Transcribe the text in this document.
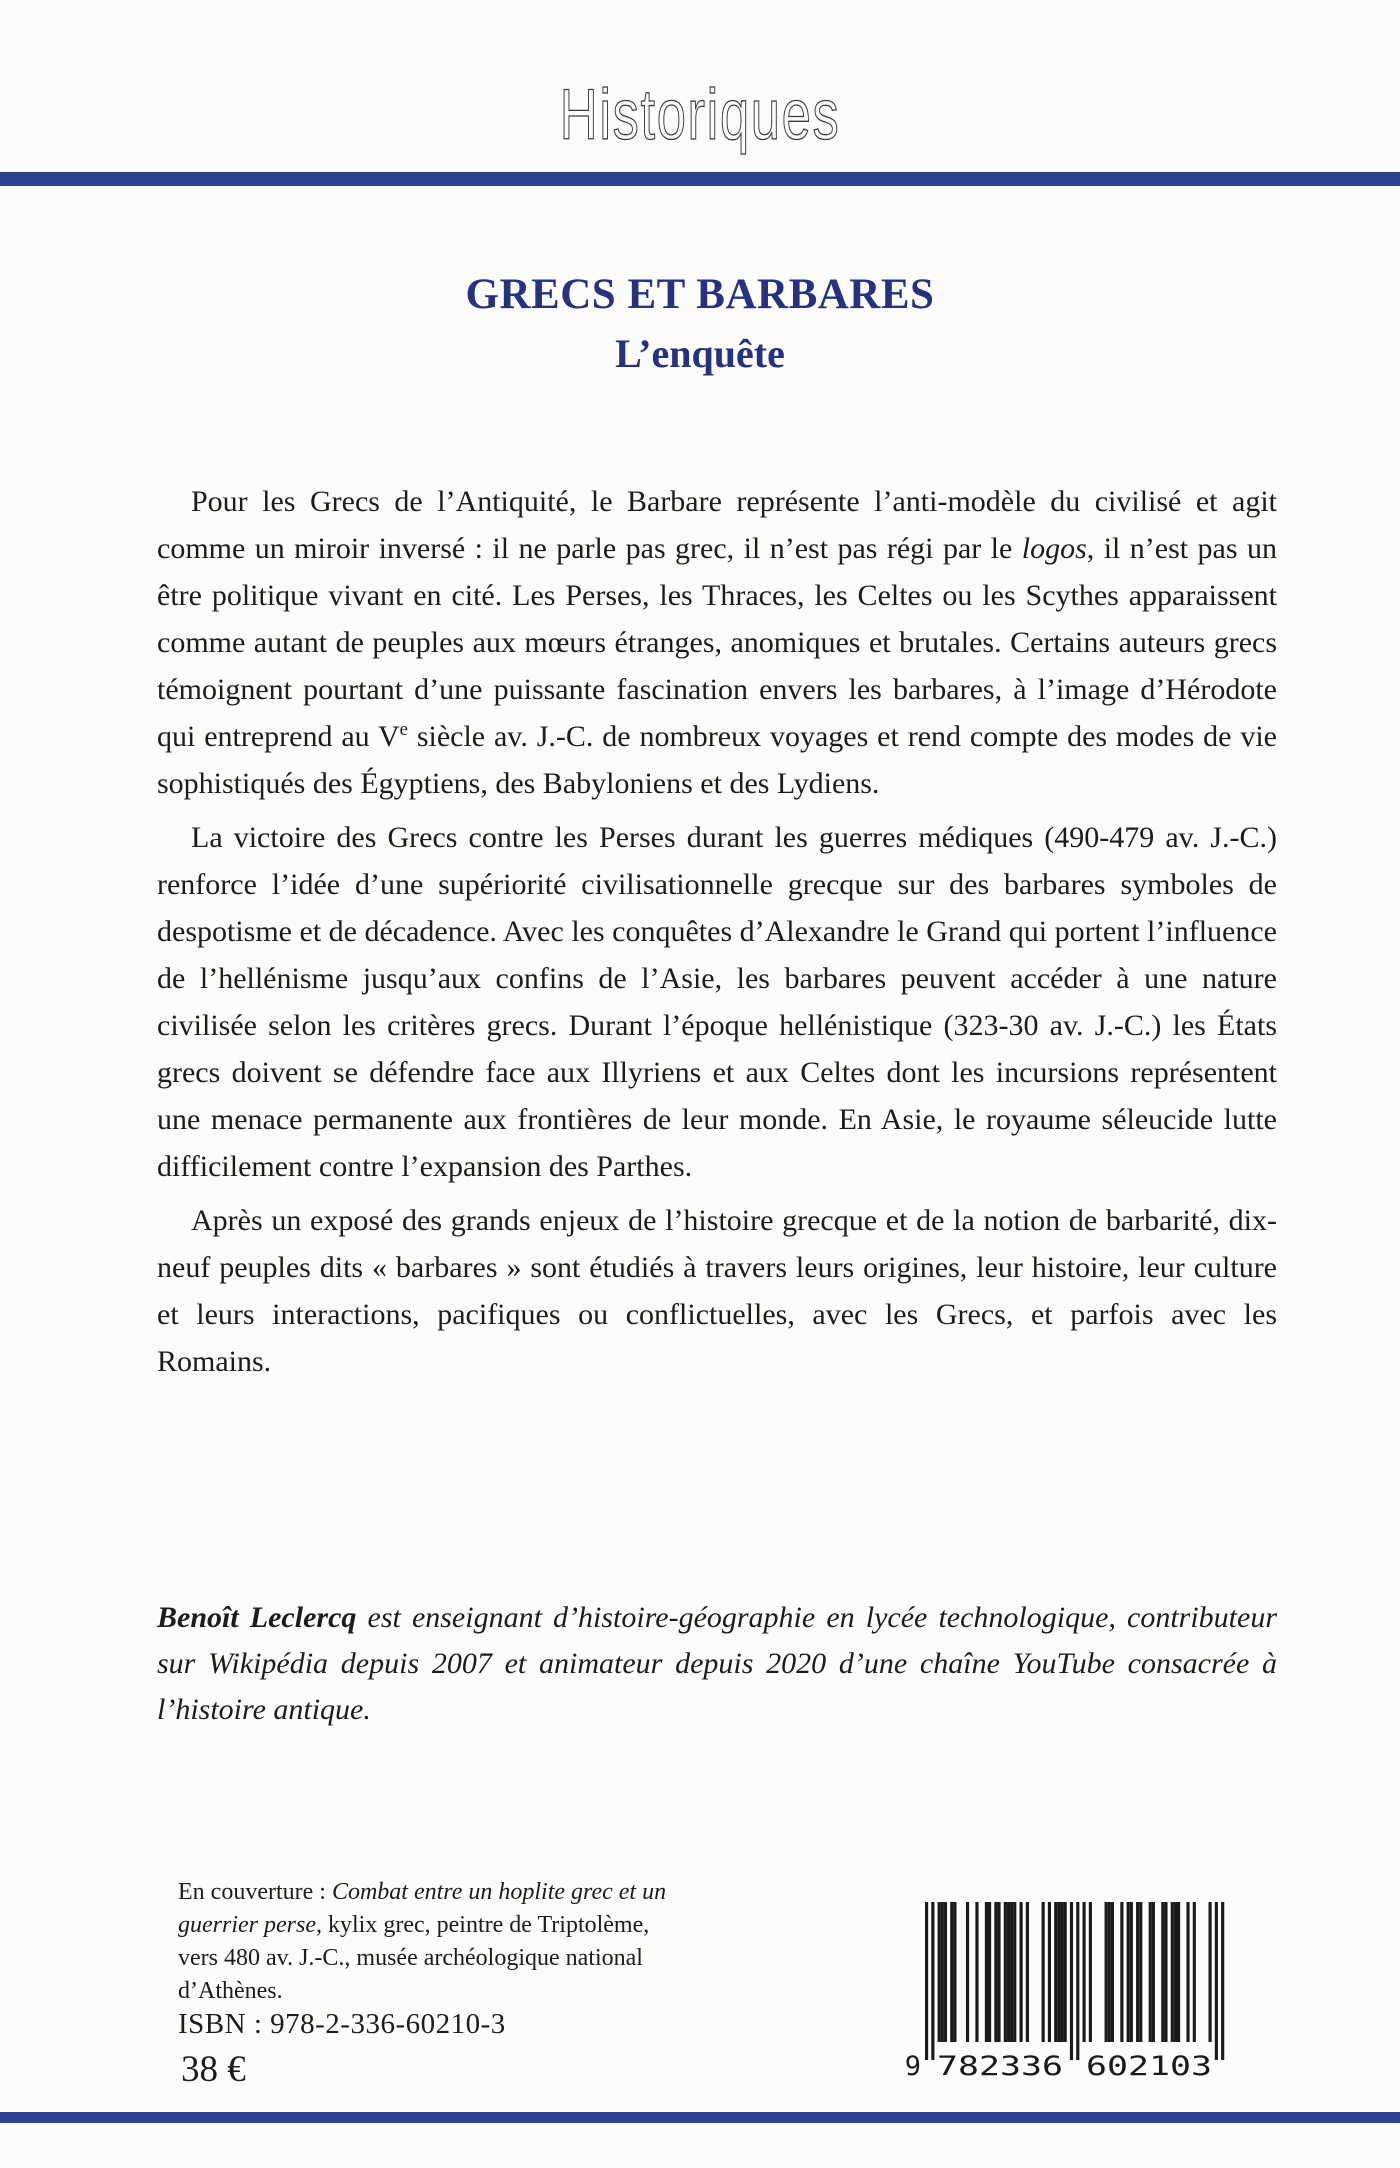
Historiques
GRECS ET BARBARES
L’enquête

Pour les Grecs de l’Antiquité, le Barbare représente l’anti-modèle du civilisé et agit comme un miroir inversé : il ne parle pas grec, il n’est pas régi par le logos, il n’est pas un être politique vivant en cité. Les Perses, les Thraces, les Celtes ou les Scythes apparaissent comme autant de peuples aux mœurs étranges, anomiques et brutales. Certains auteurs grecs témoignent pourtant d’une puissante fascination envers les barbares, à l’image d’Hérodote qui entreprend au Ve siècle av. J.-C. de nombreux voyages et rend compte des modes de vie sophistiqués des Égyptiens, des Babyloniens et des Lydiens.

La victoire des Grecs contre les Perses durant les guerres médiques (490-479 av. J.-C.) renforce l’idée d’une supériorité civilisationnelle grecque sur des barbares symboles de despotisme et de décadence. Avec les conquêtes d’Alexandre le Grand qui portent l’influence de l’hellénisme jusqu’aux confins de l’Asie, les barbares peuvent accéder à une nature civilisée selon les critères grecs. Durant l’époque hellénistique (323-30 av. J.-C.) les États grecs doivent se défendre face aux Illyriens et aux Celtes dont les incursions représentent une menace permanente aux frontières de leur monde. En Asie, le royaume séleucide lutte difficilement contre l’expansion des Parthes.

Après un exposé des grands enjeux de l’histoire grecque et de la notion de barbarité, dix-neuf peuples dits « barbares » sont étudiés à travers leurs origines, leur histoire, leur culture et leurs interactions, pacifiques ou conflictuelles, avec les Grecs, et parfois avec les Romains.

Benoît Leclercq est enseignant d’histoire-géographie en lycée technologique, contributeur sur Wikipédia depuis 2007 et animateur depuis 2020 d’une chaîne YouTube consacrée à l’histoire antique.
En couverture : Combat entre un hoplite grec et un guerrier perse, kylix grec, peintre de Triptolème, vers 480 av. J.-C., musée archéologique national d’Athènes.
ISBN : 978-2-336-60210-3
38 €	9 782336 602103
